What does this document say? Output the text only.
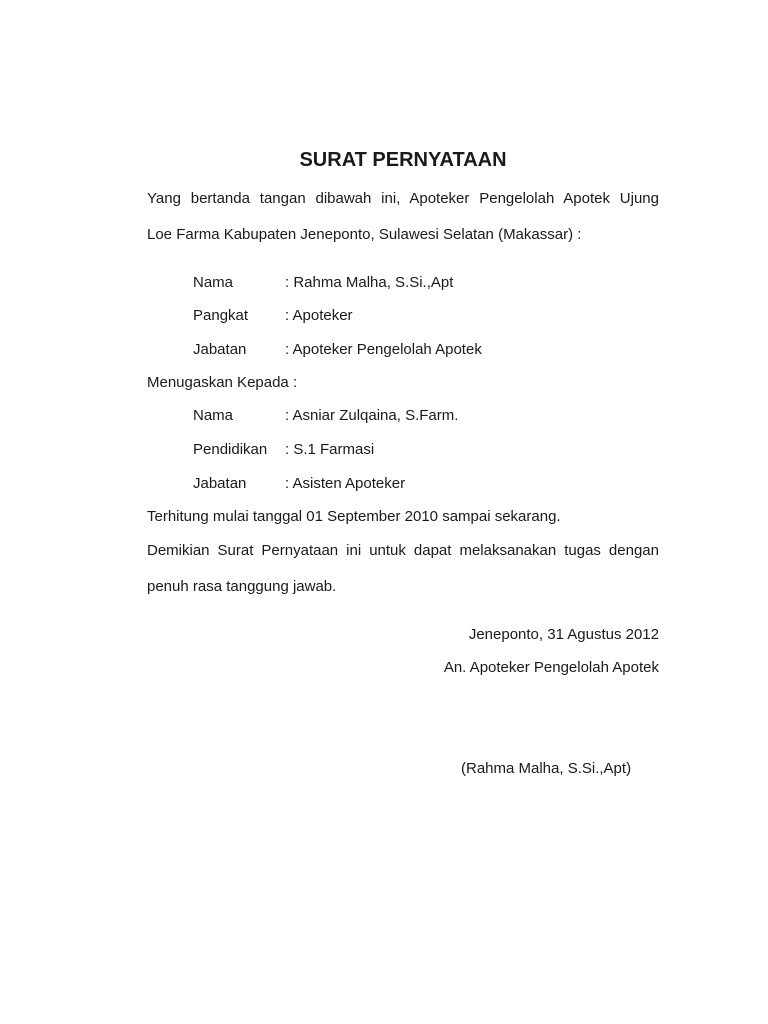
SURAT PERNYATAAN
Yang bertanda tangan dibawah ini, Apoteker Pengelolah Apotek Ujung
Loe Farma Kabupaten Jeneponto, Sulawesi Selatan (Makassar) :
Nama	: Rahma Malha, S.Si.,Apt
Pangkat : Apoteker
Jabatan	: Apoteker Pengelolah Apotek
Menugaskan Kepada :
Nama	: Asniar Zulqaina, S.Farm.
Pendidikan : S.1 Farmasi
Jabatan	: Asisten Apoteker
Terhitung mulai tanggal 01 September 2010 sampai sekarang.
Demikian Surat Pernyataan ini untuk dapat melaksanakan tugas dengan
penuh rasa tanggung jawab.
Jeneponto, 31 Agustus 2012
An. Apoteker Pengelolah Apotek
(Rahma Malha, S.Si.,Apt)
